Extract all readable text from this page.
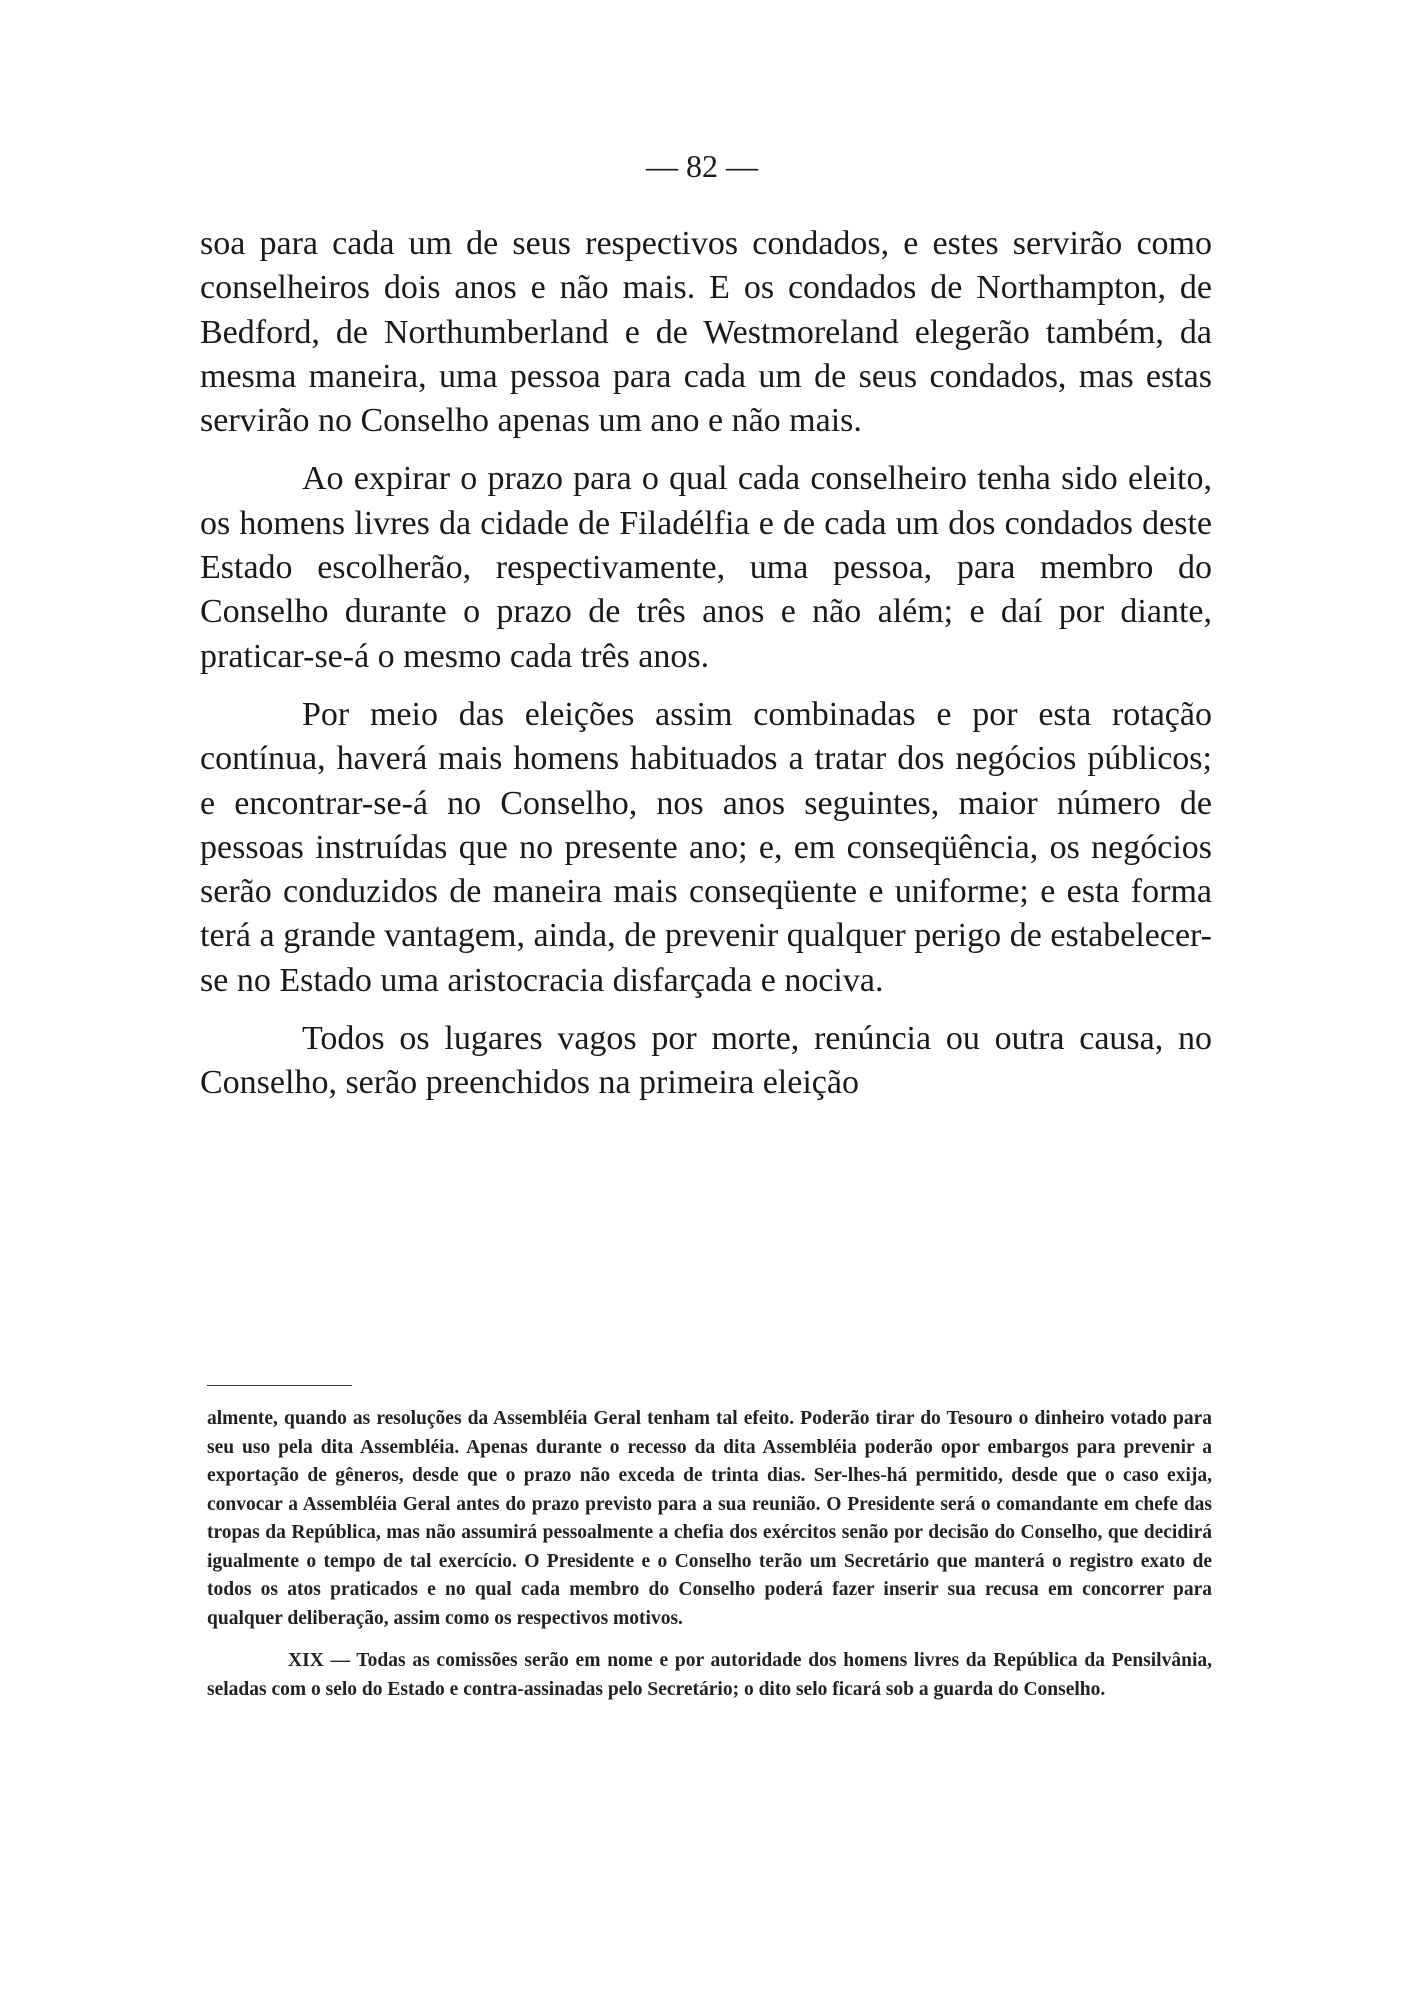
— 82 —

soa para cada um de seus respectivos condados, e estes servirão como conselheiros dois anos e não mais. E os condados de Northampton, de Bedford, de Northumberland e de Westmoreland elegerão também, da mesma maneira, uma pessoa para cada um de seus condados, mas estas servirão no Conselho apenas um ano e não mais.

Ao expirar o prazo para o qual cada conselheiro tenha sido eleito, os homens livres da cidade de Filadélfia e de cada um dos condados deste Estado escolherão, respectivamente, uma pessoa, para membro do Conselho durante o prazo de três anos e não além; e daí por diante, praticar-se-á o mesmo cada três anos.

Por meio das eleições assim combinadas e por esta rotação contínua, haverá mais homens habituados a tratar dos negócios públicos; e encontrar-se-á no Conselho, nos anos seguintes, maior número de pessoas instruídas que no presente ano; e, em conseqüência, os negócios serão conduzidos de maneira mais conseqüente e uniforme; e esta forma terá a grande vantagem, ainda, de prevenir qualquer perigo de estabelecer-se no Estado uma aristocracia disfarçada e nociva.

Todos os lugares vagos por morte, renúncia ou outra causa, no Conselho, serão preenchidos na primeira eleição

almente, quando as resoluções da Assembléia Geral tenham tal efeito. Poderão tirar do Tesouro o dinheiro votado para seu uso pela dita Assembléia. Apenas durante o recesso da dita Assembléia poderão opor embargos para prevenir a exportação de gêneros, desde que o prazo não exceda de trinta dias. Ser-lhes-há permitido, desde que o caso exija, convocar a Assembléia Geral antes do prazo previsto para a sua reunião. O Presidente será o comandante em chefe das tropas da República, mas não assumirá pessoalmente a chefia dos exércitos senão por decisão do Conselho, que decidirá igualmente o tempo de tal exercício. O Presidente e o Conselho terão um Secretário que manterá o registro exato de todos os atos praticados e no qual cada membro do Conselho poderá fazer inserir sua recusa em concorrer para qualquer deliberação, assim como os respectivos motivos.

XIX — Todas as comissões serão em nome e por autoridade dos homens livres da República da Pensilvânia, seladas com o selo do Estado e contra-assinadas pelo Secretário; o dito selo ficará sob a guarda do Conselho.
